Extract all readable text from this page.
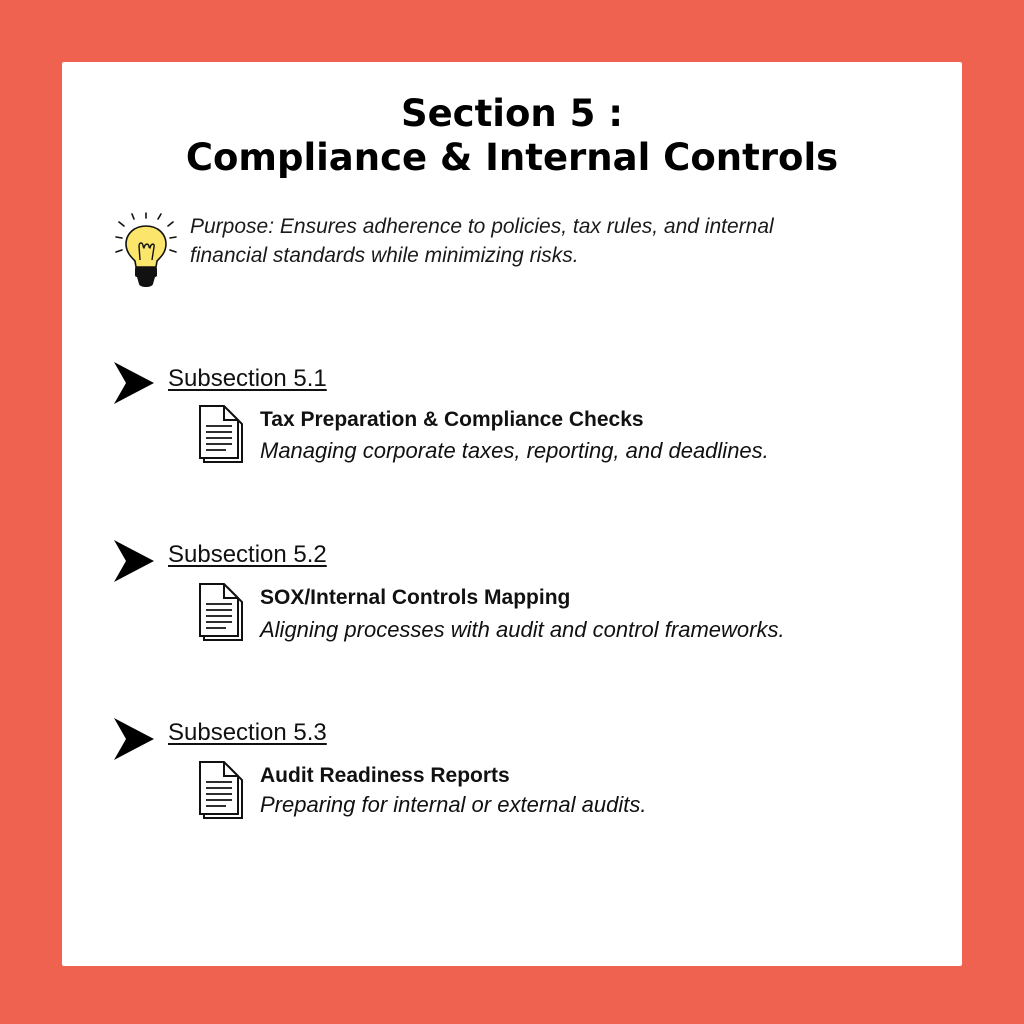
Section 5 :
Compliance & Internal Controls

Purpose: Ensures adherence to policies, tax rules, and internal
financial standards while minimizing risks.

Subsection 5.1
Tax Preparation & Compliance Checks
Managing corporate taxes, reporting, and deadlines.
Subsection 5.2
SOX/Internal Controls Mapping
Aligning processes with audit and control frameworks.
Subsection 5.3
Audit Readiness Reports
Preparing for internal or external audits.
